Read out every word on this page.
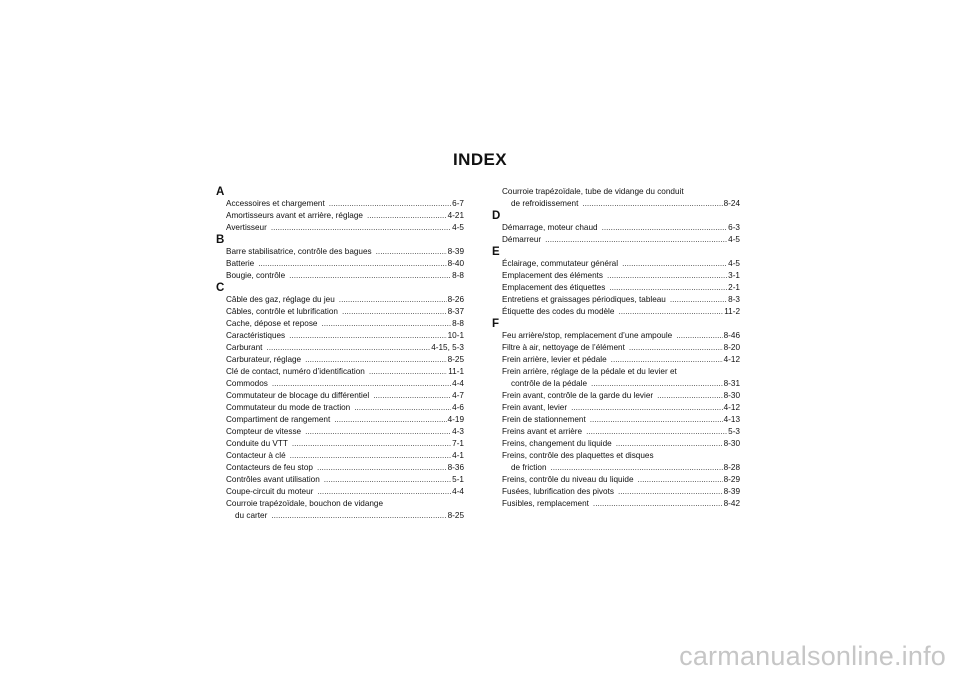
INDEX
A
Accessoires et chargement .....	6-7
Amortisseurs avant et arrière, réglage .....	4-21
Avertisseur .....	4-5
B
Barre stabilisatrice, contrôle des bagues .....	8-39
Batterie .....	8-40
Bougie, contrôle .....	8-8
C
Câble des gaz, réglage du jeu .....	8-26
Câbles, contrôle et lubrification .....	8-37
Cache, dépose et repose .....	8-8
Caractéristiques .....	10-1
Carburant .....	4-15, 5-3
Carburateur, réglage .....	8-25
Clé de contact, numéro d’identification .....	11-1
Commodos .....	4-4
Commutateur de blocage du différentiel .....	4-7
Commutateur du mode de traction .....	4-6
Compartiment de rangement .....	4-19
Compteur de vitesse .....	4-3
Conduite du VTT .....	7-1
Contacteur à clé .....	4-1
Contacteurs de feu stop .....	8-36
Contrôles avant utilisation .....	5-1
Coupe-circuit du moteur .....	4-4
Courroie trapézoïdale, bouchon de vidange
du carter .....	8-25
Courroie trapézoïdale, tube de vidange du conduit
de refroidissement .....	8-24
D
Démarrage, moteur chaud .....	6-3
Démarreur .....	4-5
E
Éclairage, commutateur général .....	4-5
Emplacement des éléments .....	3-1
Emplacement des étiquettes .....	2-1
Entretiens et graissages périodiques, tableau .....	8-3
Étiquette des codes du modèle .....	11-2
F
Feu arrière/stop, remplacement d’une ampoule .....	8-46
Filtre à air, nettoyage de l’élément .....	8-20
Frein arrière, levier et pédale .....	4-12
Frein arrière, réglage de la pédale et du levier et
contrôle de la pédale .....	8-31
Frein avant, contrôle de la garde du levier .....	8-30
Frein avant, levier .....	4-12
Frein de stationnement .....	4-13
Freins avant et arrière .....	5-3
Freins, changement du liquide .....	8-30
Freins, contrôle des plaquettes et disques
de friction .....	8-28
Freins, contrôle du niveau du liquide .....	8-29
Fusées, lubrification des pivots .....	8-39
Fusibles, remplacement .....	8-42
carmanualsonline.info
